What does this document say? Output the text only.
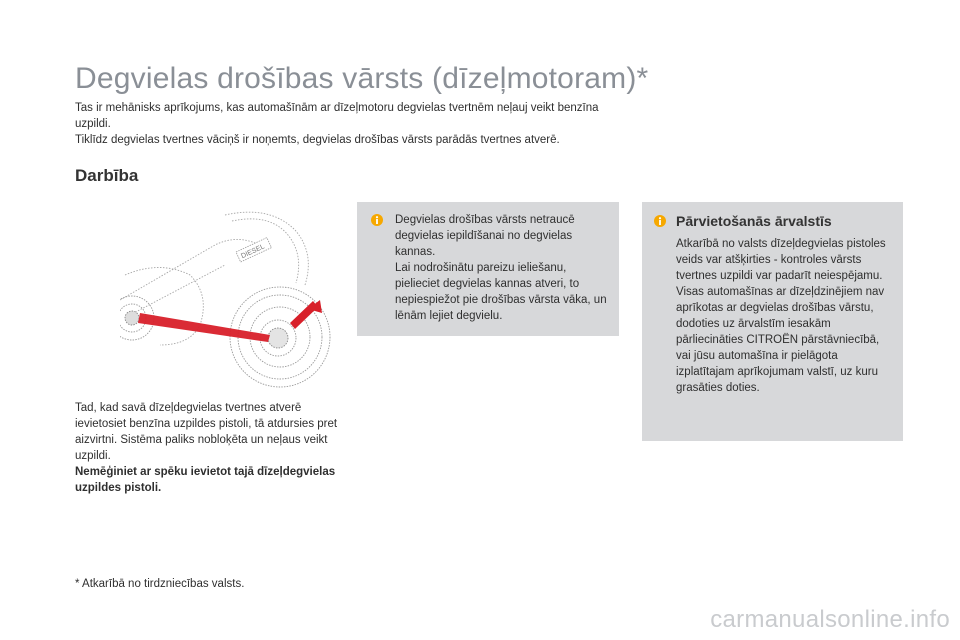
Degvielas drošības vārsts (dīzeļmotoram)*

Tas ir mehānisks aprīkojums, kas automašīnām ar dīzeļmotoru degvielas tvertnēm neļauj veikt benzīna uzpildi.

Tiklīdz degvielas tvertnes vāciņš ir noņemts, degvielas drošības vārsts parādās tvertnes atverē.

Darbība
DIESEL

Tad, kad savā dīzeļdegvielas tvertnes atverē ievietosiet benzīna uzpildes pistoli, tā atdursies pret aizvirtni. Sistēma paliks nobloķēta un neļaus veikt uzpildi.

Nemēģiniet ar spēku ievietot tajā dīzeļdegvielas uzpildes pistoli.

Degvielas drošības vārsts netraucē degvielas iepildīšanai no degvielas kannas.

Lai nodrošinātu pareizu ieliešanu, pielieciet degvielas kannas atveri, to nepiespiežot pie drošības vārsta vāka, un lēnām lejiet degvielu.

Pārvietošanās ārvalstīs

Atkarībā no valsts dīzeļdegvielas pistoles veids var atšķirties - kontroles vārsts tvertnes uzpildi var padarīt neiespējamu.

Visas automašīnas ar dīzeļdzinējiem nav aprīkotas ar degvielas drošības vārstu, dodoties uz ārvalstīm iesakām pārliecināties CITROËN pārstāvniecībā, vai jūsu automašīna ir pielāgota izplatītajam aprīkojumam valstī, uz kuru grasāties doties.

* Atkarībā no tirdzniecības valsts.

carmanualsonline.info
